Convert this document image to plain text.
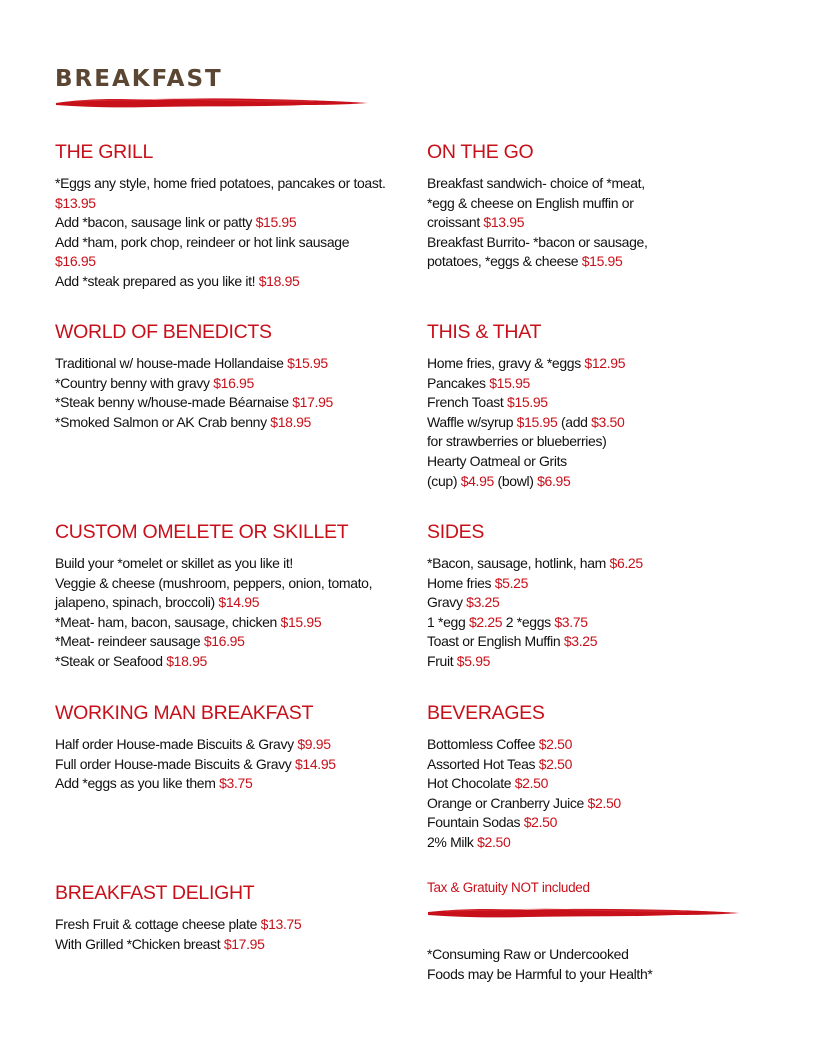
BREAKFAST
THE GRILL
*Eggs any style, home fried potatoes, pancakes or toast.
$13.95
Add *bacon, sausage link or patty $15.95
Add *ham, pork chop, reindeer or hot link sausage
$16.95
Add *steak prepared as you like it! $18.95
ON THE GO
Breakfast sandwich- choice of *meat,
*egg & cheese on English muffin or
croissant $13.95
Breakfast Burrito- *bacon or sausage,
potatoes, *eggs & cheese $15.95
WORLD OF BENEDICTS
Traditional w/ house-made Hollandaise $15.95
*Country benny with gravy $16.95
*Steak benny w/house-made Béarnaise $17.95
*Smoked Salmon or AK Crab benny $18.95
THIS & THAT
Home fries, gravy & *eggs $12.95
Pancakes $15.95
French Toast $15.95
Waffle w/syrup $15.95 (add $3.50
for strawberries or blueberries)
Hearty Oatmeal or Grits
(cup) $4.95 (bowl) $6.95
CUSTOM OMELETE OR SKILLET
Build your *omelet or skillet as you like it!
Veggie & cheese (mushroom, peppers, onion, tomato,
jalapeno, spinach, broccoli) $14.95
*Meat- ham, bacon, sausage, chicken $15.95
*Meat- reindeer sausage $16.95
*Steak or Seafood $18.95
SIDES
*Bacon, sausage, hotlink, ham $6.25
Home fries $5.25
Gravy $3.25
1 *egg $2.25 2 *eggs $3.75
Toast or English Muffin $3.25
Fruit $5.95
WORKING MAN BREAKFAST
Half order House-made Biscuits & Gravy $9.95
Full order House-made Biscuits & Gravy $14.95
Add *eggs as you like them $3.75
BEVERAGES
Bottomless Coffee $2.50
Assorted Hot Teas $2.50
Hot Chocolate $2.50
Orange or Cranberry Juice $2.50
Fountain Sodas $2.50
2% Milk $2.50
BREAKFAST DELIGHT
Fresh Fruit & cottage cheese plate $13.75
With Grilled *Chicken breast $17.95
Tax & Gratuity NOT included
*Consuming Raw or Undercooked Foods may be Harmful to your Health*
